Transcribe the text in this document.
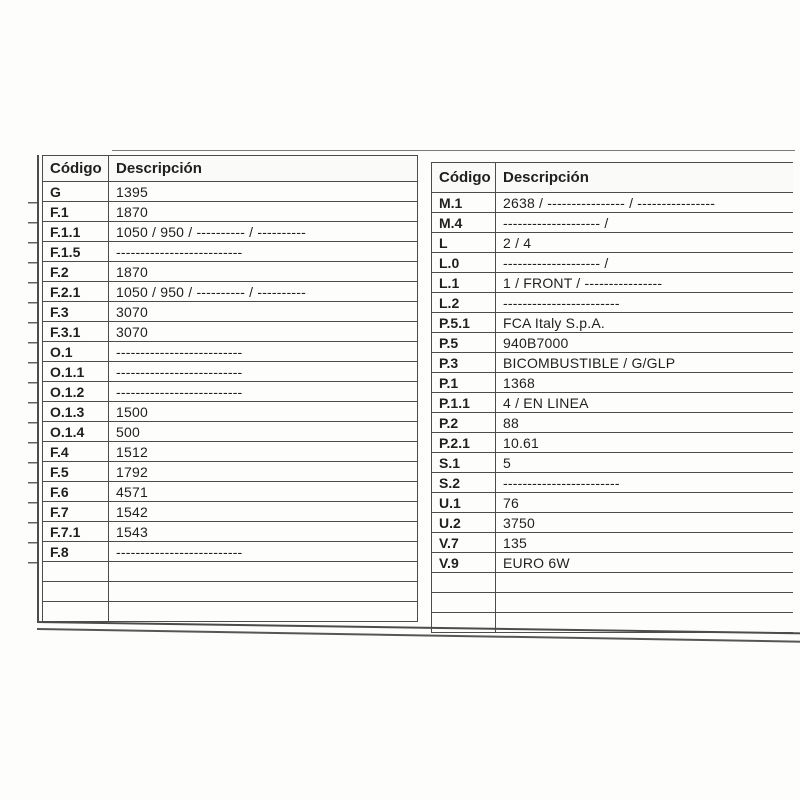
Código	Descripción
G	1395
F.1	1870
F.1.1	1050 / 950 / ---------- / ----------
F.1.5	--------------------------
F.2	1870
F.2.1	1050 / 950 / ---------- / ----------
F.3	3070
F.3.1	3070
O.1	--------------------------
O.1.1	--------------------------
O.1.2	--------------------------
O.1.3	1500
O.1.4	500
F.4	1512
F.5	1792
F.6	4571
F.7	1542
F.7.1	1543
F.8	--------------------------

Código	Descripción
M.1	2638 / ---------------- / ----------------
M.4	-------------------- /
L	2 / 4
L.0	-------------------- /
L.1	1 / FRONT / ----------------
L.2	------------------------
P.5.1	FCA Italy S.p.A.
P.5	940B7000
P.3	BICOMBUSTIBLE / G/GLP
P.1	1368
P.1.1	4 / EN LINEA
P.2	88
P.2.1	10.61
S.1	5
S.2	------------------------
U.1	76
U.2	3750
V.7	135
V.9	EURO 6W
